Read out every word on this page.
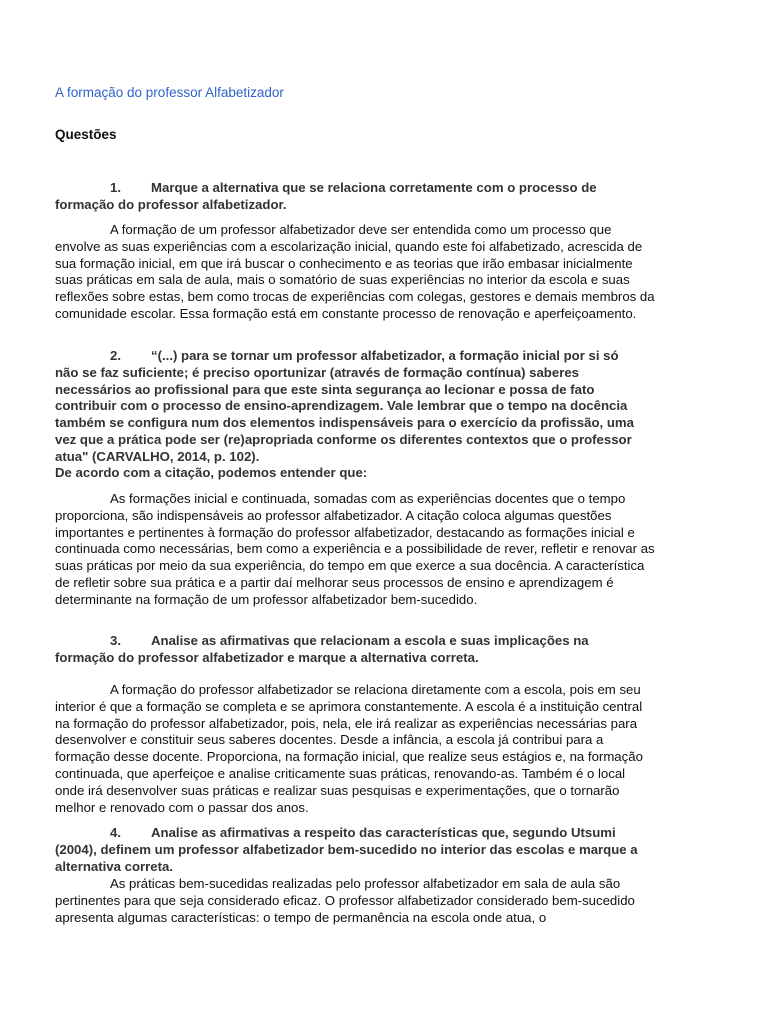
A formação do professor Alfabetizador
Questões
1. Marque a alternativa que se relaciona corretamente com o processo de formação do professor alfabetizador.
A formação de um professor alfabetizador deve ser entendida como um processo que envolve as suas experiências com a escolarização inicial, quando este foi alfabetizado, acrescida de sua formação inicial, em que irá buscar o conhecimento e as teorias que irão embasar inicialmente suas práticas em sala de aula, mais o somatório de suas experiências no interior da escola e suas reflexões sobre estas, bem como trocas de experiências com colegas, gestores e demais membros da comunidade escolar. Essa formação está em constante processo de renovação e aperfeiçoamento.
2. “(...) para se tornar um professor alfabetizador, a formação inicial por si só não se faz suficiente; é preciso oportunizar (através de formação contínua) saberes necessários ao profissional para que este sinta segurança ao lecionar e possa de fato contribuir com o processo de ensino-aprendizagem. Vale lembrar que o tempo na docência também se configura num dos elementos indispensáveis para o exercício da profissão, uma vez que a prática pode ser (re)apropriada conforme os diferentes contextos que o professor atua" (CARVALHO, 2014, p. 102).
De acordo com a citação, podemos entender que:
As formações inicial e continuada, somadas com as experiências docentes que o tempo proporciona, são indispensáveis ao professor alfabetizador. A citação coloca algumas questões importantes e pertinentes à formação do professor alfabetizador, destacando as formações inicial e continuada como necessárias, bem como a experiência e a possibilidade de rever, refletir e renovar as suas práticas por meio da sua experiência, do tempo em que exerce a sua docência. A característica de refletir sobre sua prática e a partir daí melhorar seus processos de ensino e aprendizagem é determinante na formação de um professor alfabetizador bem-sucedido.
3. Analise as afirmativas que relacionam a escola e suas implicações na formação do professor alfabetizador e marque a alternativa correta.
A formação do professor alfabetizador se relaciona diretamente com a escola, pois em seu interior é que a formação se completa e se aprimora constantemente. A escola é a instituição central na formação do professor alfabetizador, pois, nela, ele irá realizar as experiências necessárias para desenvolver e constituir seus saberes docentes. Desde a infância, a escola já contribui para a formação desse docente. Proporciona, na formação inicial, que realize seus estágios e, na formação continuada, que aperfeiçoe e analise criticamente suas práticas, renovando-as. Também é o local onde irá desenvolver suas práticas e realizar suas pesquisas e experimentações, que o tornarão melhor e renovado com o passar dos anos.
4. Analise as afirmativas a respeito das características que, segundo Utsumi (2004), definem um professor alfabetizador bem-sucedido no interior das escolas e marque a alternativa correta.
As práticas bem-sucedidas realizadas pelo professor alfabetizador em sala de aula são pertinentes para que seja considerado eficaz. O professor alfabetizador considerado bem-sucedido apresenta algumas características: o tempo de permanência na escola onde atua, o
